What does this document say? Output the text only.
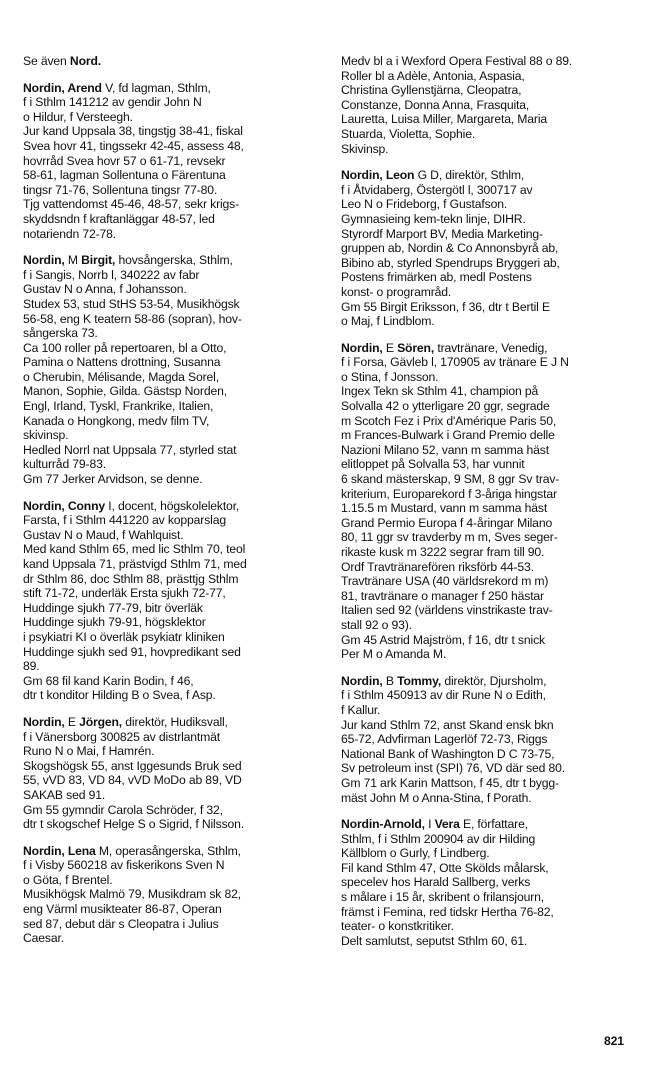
Se även Nord.
Nordin, Arend V, fd lagman, Sthlm,
f i Sthlm 141212 av gendir John N
o Hildur, f Versteegh.
Jur kand Uppsala 38, tingstjg 38-41, fiskal
Svea hovr 41, tingssekr 42-45, assess 48,
hovrråd Svea hovr 57 o 61-71, revsekr
58-61, lagman Sollentuna o Färentuna
tingsr 71-76, Sollentuna tingsr 77-80.
Tjg vattendomst 45-46, 48-57, sekr krigs-
skyddsndn f kraftanläggar 48-57, led
notariendn 72-78.
Nordin, M Birgit, hovsångerska, Sthlm,
f i Sangis, Norrb l, 340222 av fabr
Gustav N o Anna, f Johansson.
Studex 53, stud StHS 53-54, Musikhögsk
56-58, eng K teatern 58-86 (sopran), hov-
sångerska 73.
Ca 100 roller på repertoaren, bl a Otto,
Pamina o Nattens drottning, Susanna
o Cherubin, Mélisande, Magda Sorel,
Manon, Sophie, Gilda. Gästsp Norden,
Engl, Irland, Tyskl, Frankrike, Italien,
Kanada o Hongkong, medv film TV,
skivinsp.
Hedled Norrl nat Uppsala 77, styrled stat
kulturråd 79-83.
Gm 77 Jerker Arvidson, se denne.
Nordin, Conny I, docent, högskolelektor,
Farsta, f i Sthlm 441220 av kopparslag
Gustav N o Maud, f Wahlquist.
Med kand Sthlm 65, med lic Sthlm 70, teol
kand Uppsala 71, prästvigd Sthlm 71, med
dr Sthlm 86, doc Sthlm 88, prästtjg Sthlm
stift 71-72, underläk Ersta sjukh 72-77,
Huddinge sjukh 77-79, bitr överläk
Huddinge sjukh 79-91, högsklektor
i psykiatri KI o överläk psykiatr kliniken
Huddinge sjukh sed 91, hovpredikant sed
89.
Gm 68 fil kand Karin Bodin, f 46,
dtr t konditor Hilding B o Svea, f Asp.
Nordin, E Jörgen, direktör, Hudiksvall,
f i Vänersborg 300825 av distrlantmät
Runo N o Mai, f Hamrén.
Skogshögsk 55, anst Iggesunds Bruk sed
55, vVD 83, VD 84, vVD MoDo ab 89, VD
SAKAB sed 91.
Gm 55 gymndir Carola Schröder, f 32,
dtr t skogschef Helge S o Sigrid, f Nilsson.
Nordin, Lena M, operasångerska, Sthlm,
f i Visby 560218 av fiskerikons Sven N
o Göta, f Brentel.
Musikhögsk Malmö 79, Musikdram sk 82,
eng Värml musikteater 86-87, Operan
sed 87, debut där s Cleopatra i Julius
Caesar.
Medv bl a i Wexford Opera Festival 88 o 89.
Roller bl a Adèle, Antonia, Aspasia,
Christina Gyllenstjärna, Cleopatra,
Constanze, Donna Anna, Frasquita,
Lauretta, Luisa Miller, Margareta, Maria
Stuarda, Violetta, Sophie.
Skivinsp.
Nordin, Leon G D, direktör, Sthlm,
f i Åtvidaberg, Östergötl l, 300717 av
Leo N o Frideborg, f Gustafson.
Gymnasieing kem-tekn linje, DIHR.
Styrordf Marport BV, Media Marketing-
gruppen ab, Nordin & Co Annonsbyrå ab,
Bibino ab, styrled Spendrups Bryggeri ab,
Postens frimärken ab, medl Postens
konst- o programråd.
Gm 55 Birgit Eriksson, f 36, dtr t Bertil E
o Maj, f Lindblom.
Nordin, E Sören, travtränare, Venedig,
f i Forsa, Gävleb l, 170905 av tränare E J N
o Stina, f Jonsson.
Ingex Tekn sk Sthlm 41, champion på
Solvalla 42 o ytterligare 20 ggr, segrade
m Scotch Fez i Prix d'Amérique Paris 50,
m Frances-Bulwark i Grand Premio delle
Nazioni Milano 52, vann m samma häst
elitloppet på Solvalla 53, har vunnit
6 skand mästerskap, 9 SM, 8 ggr Sv trav-
kriterium, Europarekord f 3-åriga hingstar
1.15.5 m Mustard, vann m samma häst
Grand Permio Europa f 4-åringar Milano
80, 11 ggr sv travderby m m, Sves seger-
rikaste kusk m 3222 segrar fram till 90.
Ordf Travtränarefören riksförb 44-53.
Travtränare USA (40 världsrekord m m)
81, travtränare o manager f 250 hästar
Italien sed 92 (världens vinstrikaste trav-
stall 92 o 93).
Gm 45 Astrid Majström, f 16, dtr t snick
Per M o Amanda M.
Nordin, B Tommy, direktör, Djursholm,
f i Sthlm 450913 av dir Rune N o Edith,
f Kallur.
Jur kand Sthlm 72, anst Skand ensk bkn
65-72, Advfirman Lagerlöf 72-73, Riggs
National Bank of Washington D C 73-75,
Sv petroleum inst (SPI) 76, VD där sed 80.
Gm 71 ark Karin Mattson, f 45, dtr t bygg-
mäst John M o Anna-Stina, f Porath.
Nordin-Arnold, I Vera E, författare,
Sthlm, f i Sthlm 200904 av dir Hilding
Källblom o Gurly, f Lindberg.
Fil kand Sthlm 47, Otte Skölds målarsk,
specelev hos Harald Sallberg, verks
s målare i 15 år, skribent o frilansjourn,
främst i Femina, red tidskr Hertha 76-82,
teater- o konstkritiker.
Delt samlutst, seputst Sthlm 60, 61.
821
